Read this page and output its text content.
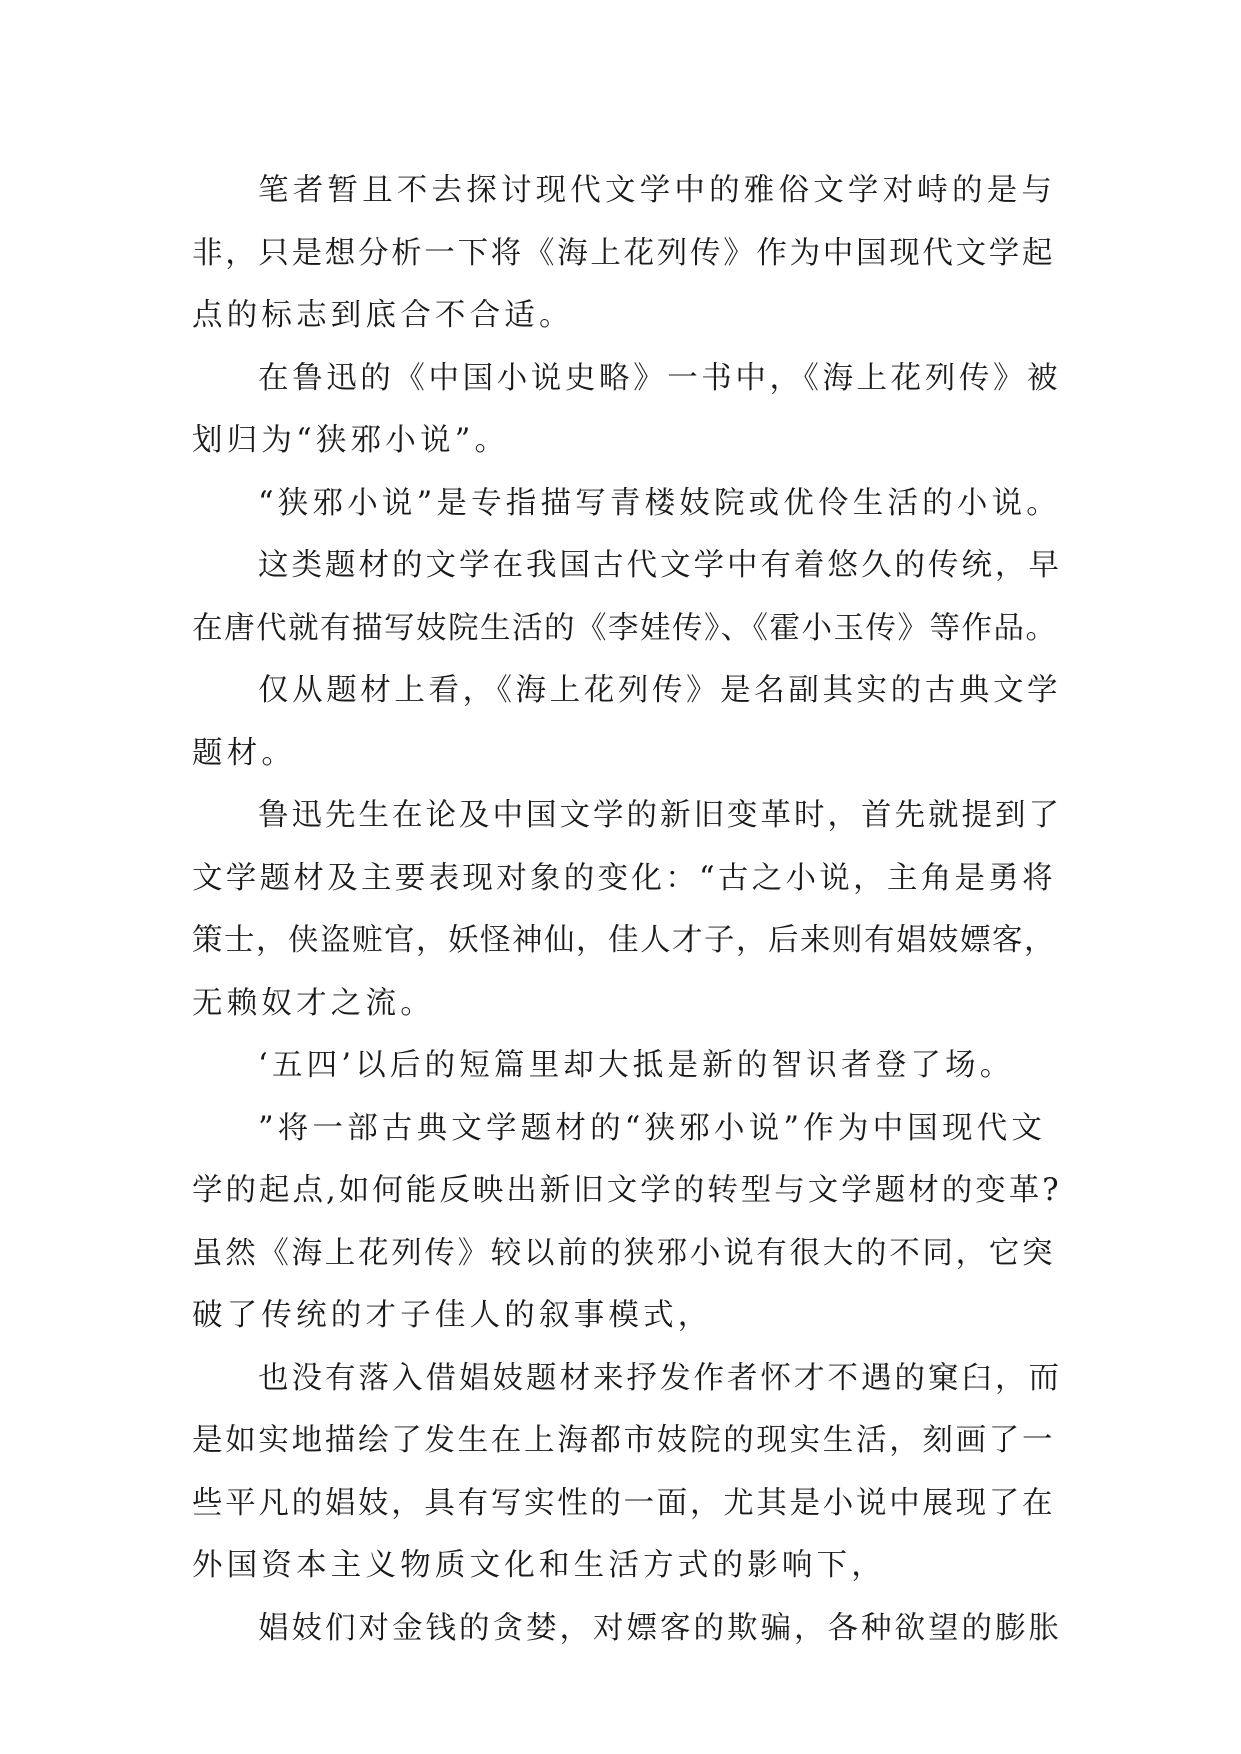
笔者暂且不去探讨现代文学中的雅俗文学对峙的是与
非，只是想分析一下将《海上花列传》作为中国现代文学起
点的标志到底合不合适。
在鲁迅的《中国小说史略》一书中，《海上花列传》被
划归为“狭邪小说”。
“狭邪小说”是专指描写青楼妓院或优伶生活的小说。
这类题材的文学在我国古代文学中有着悠久的传统，早
在唐代就有描写妓院生活的《李娃传》、《霍小玉传》等作品。
仅从题材上看，《海上花列传》是名副其实的古典文学
题材。
鲁迅先生在论及中国文学的新旧变革时，首先就提到了
文学题材及主要表现对象的变化：“古之小说，主角是勇将
策士，侠盗赃官，妖怪神仙，佳人才子，后来则有娼妓嫖客，
无赖奴才之流。
‘五四’以后的短篇里却大抵是新的智识者登了场。
”将一部古典文学题材的“狭邪小说”作为中国现代文
学的起点,如何能反映出新旧文学的转型与文学题材的变革?
虽然《海上花列传》较以前的狭邪小说有很大的不同，它突
破了传统的才子佳人的叙事模式，
也没有落入借娼妓题材来抒发作者怀才不遇的窠臼，而
是如实地描绘了发生在上海都市妓院的现实生活，刻画了一
些平凡的娼妓，具有写实性的一面，尤其是小说中展现了在
外国资本主义物质文化和生活方式的影响下，
娼妓们对金钱的贪婪，对嫖客的欺骗，各种欲望的膨胀
